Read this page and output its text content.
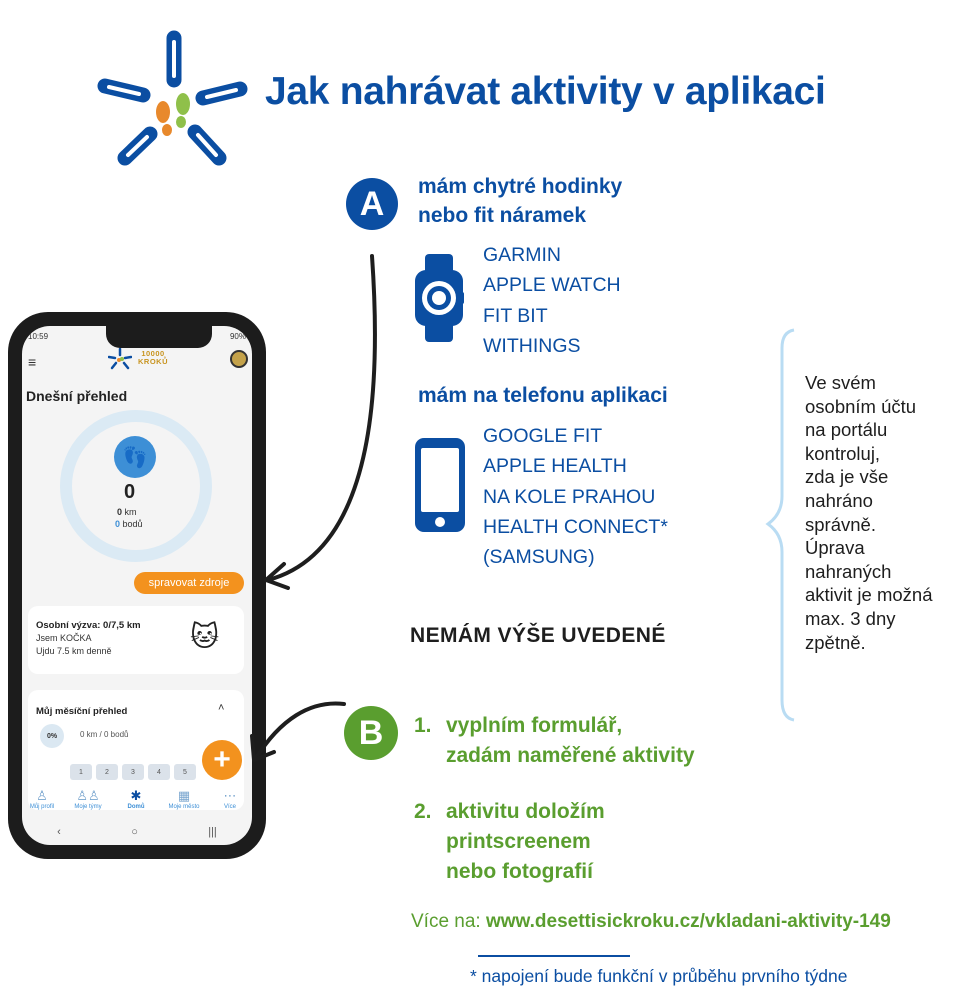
Jak nahrávat aktivity v aplikaci
A	mám chytré hodinky
nebo fit náramek
GARMIN
APPLE WATCH
FIT BIT
WITHINGS
mám na telefonu aplikaci
GOOGLE FIT
APPLE HEALTH
NA KOLE PRAHOU
HEALTH CONNECT*
(SAMSUNG)
Ve svém
osobním účtu
na portálu
kontroluj,
zda je vše
nahráno
správně.
Úprava
nahraných
aktivit je možná
max. 3 dny
zpětně.
NEMÁM VÝŠE UVEDENÉ
B	1. vyplním formulář,
zadám naměřené aktivity
2. aktivitu doložím
printscreenem
nebo fotografií
Více na: www.desettisickroku.cz/vkladani-aktivity-149
* napojení bude funkční v průběhu prvního týdne
10:59	90%
≡
10000
KROKŮ
Dnešní přehled
👣
0
0 km
0 bodů
spravovat zdroje
Osobní výzva: 0/7,5 km
Jsem KOČKA
Ujdu 7.5 km denně	🐱
Můj měsíční přehled	˄
0%	0 km / 0 bodů
1	2	3	4	5 +
♙
Můj profil
♙♙
Moje týmy
✱
Domů
▦
Moje město
⋯
Více
‹	○	|||
